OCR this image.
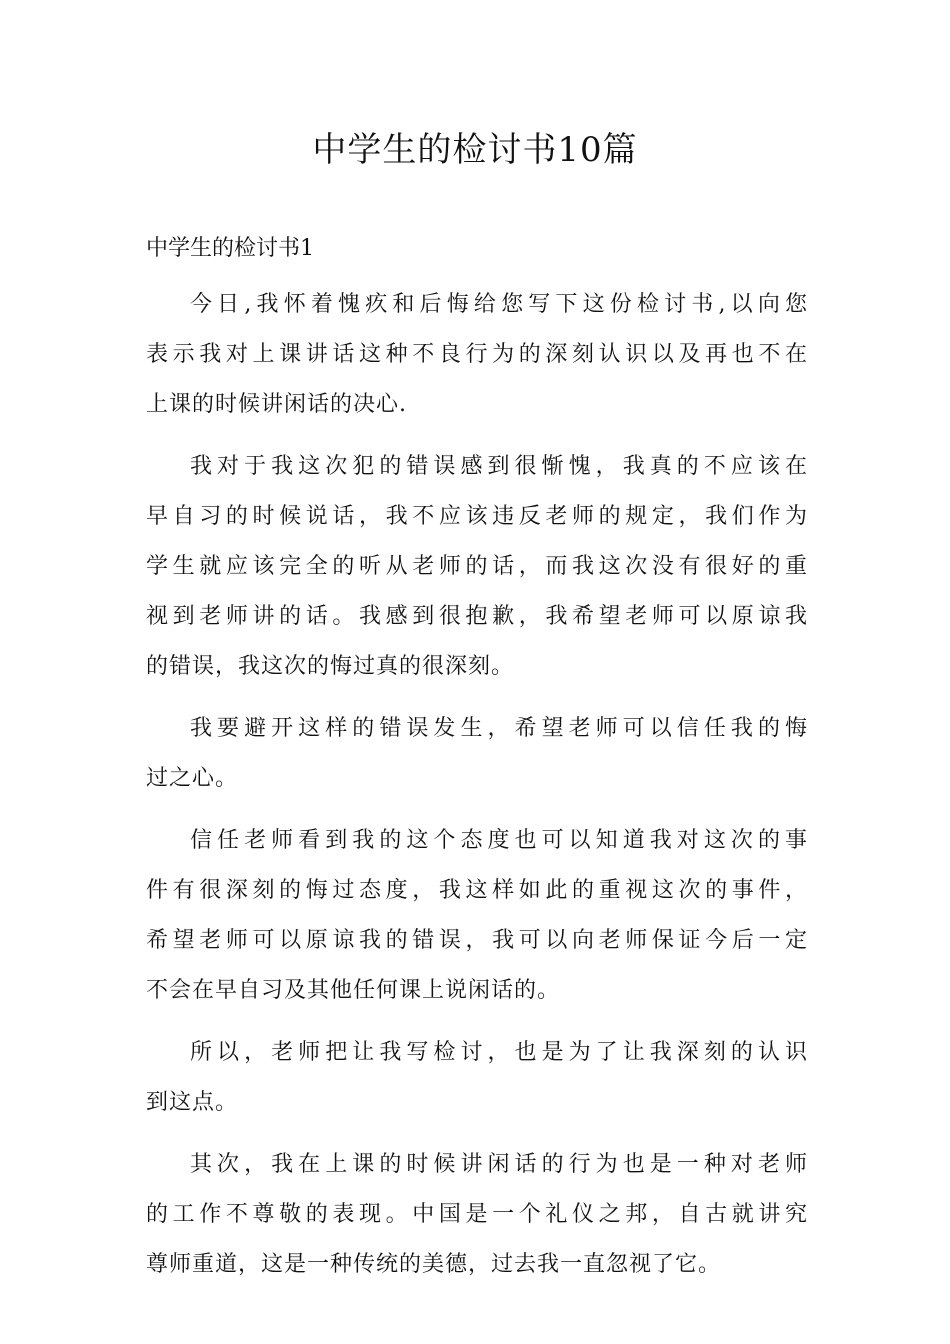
中学生的检讨书10篇
中学生的检讨书1

今日,我怀着愧疚和后悔给您写下这份检讨书,以向您
表示我对上课讲话这种不良行为的深刻认识以及再也不在
上课的时候讲闲话的决心.

我对于我这次犯的错误感到很惭愧，我真的不应该在
早自习的时候说话，我不应该违反老师的规定，我们作为
学生就应该完全的听从老师的话，而我这次没有很好的重
视到老师讲的话。我感到很抱歉，我希望老师可以原谅我
的错误，我这次的悔过真的很深刻。

我要避开这样的错误发生，希望老师可以信任我的悔
过之心。

信任老师看到我的这个态度也可以知道我对这次的事
件有很深刻的悔过态度，我这样如此的重视这次的事件，
希望老师可以原谅我的错误，我可以向老师保证今后一定
不会在早自习及其他任何课上说闲话的。

所以，老师把让我写检讨，也是为了让我深刻的认识
到这点。

其次，我在上课的时候讲闲话的行为也是一种对老师
的工作不尊敬的表现。中国是一个礼仪之邦，自古就讲究
尊师重道，这是一种传统的美德，过去我一直忽视了它。
